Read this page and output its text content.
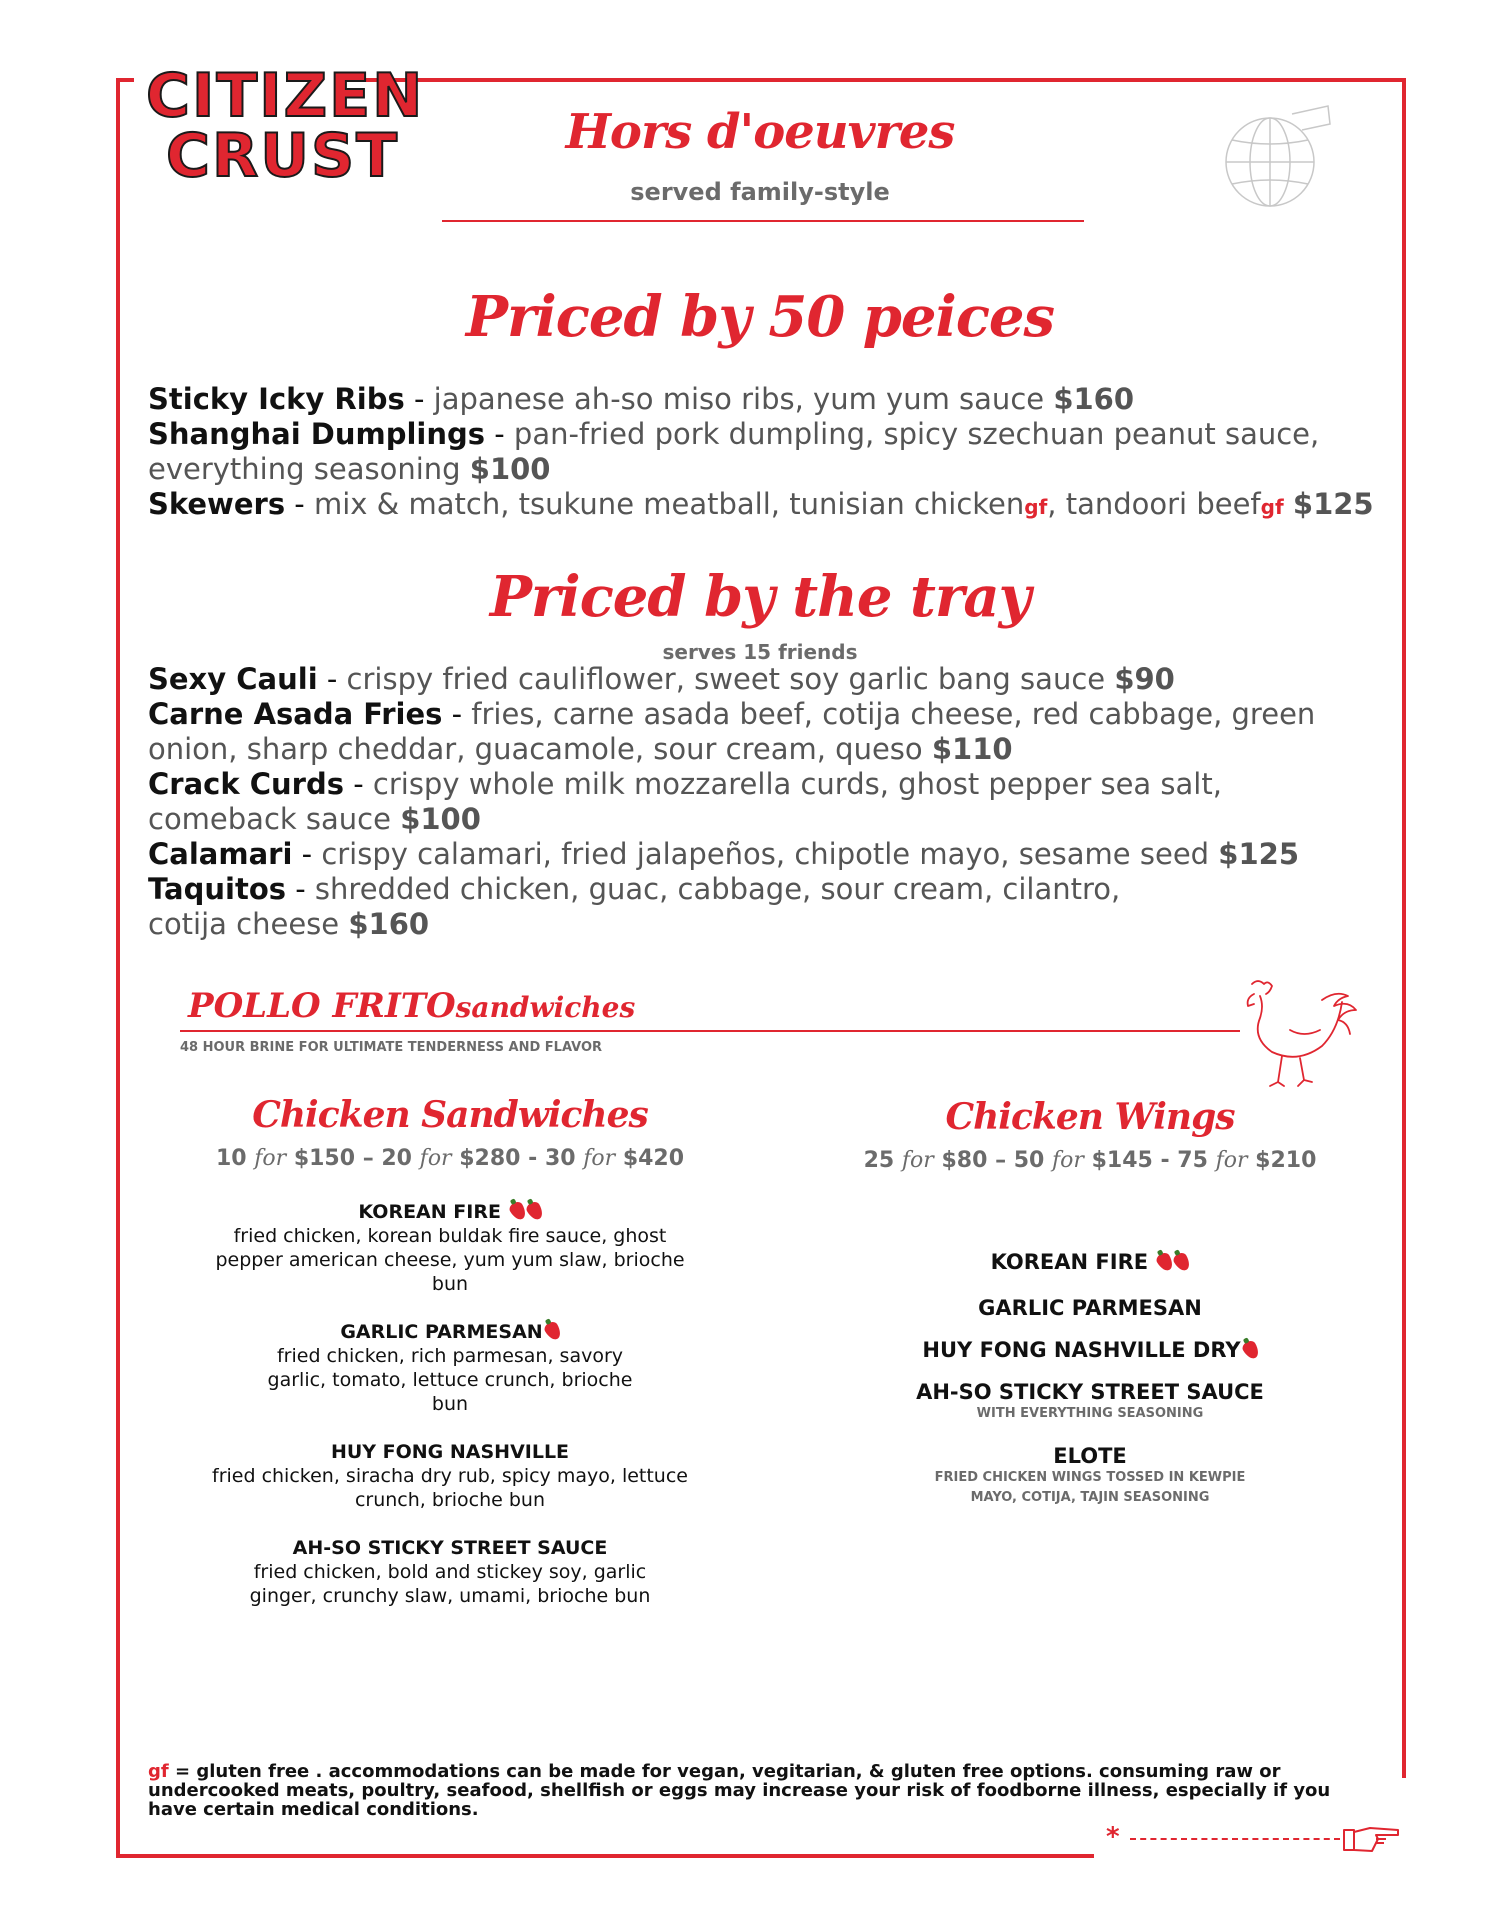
CITIZEN
CRUST	Hors d'oeuvres
served family-style
Priced by 50 peices

Sticky Icky Ribs - japanese ah-so miso ribs, yum yum sauce $160

Shanghai Dumplings - pan-fried pork dumpling, spicy szechuan peanut sauce, everything seasoning $100

Skewers - mix & match, tsukune meatball, tunisian chickengf, tandoori beefgf $125

Priced by the tray
serves 15 friends

Sexy Cauli - crispy fried cauliflower, sweet soy garlic bang sauce $90

Carne Asada Fries - fries, carne asada beef, cotija cheese, red cabbage, green onion, sharp cheddar, guacamole, sour cream, queso $110

Crack Curds - crispy whole milk mozzarella curds, ghost pepper sea salt, comeback sauce $100

Calamari - crispy calamari, fried jalapeños, chipotle mayo, sesame seed $125

Taquitos - shredded chicken, guac, cabbage, sour cream, cilantro, cotija cheese $160

POLLO FRITOsandwiches
48 HOUR BRINE FOR ULTIMATE TENDERNESS AND FLAVOR
Chicken Sandwiches
10 for $150 – 20 for $280 - 30 for $420
KOREAN FIRE
fried chicken, korean buldak fire sauce, ghost pepper american cheese, yum yum slaw, brioche bun
GARLIC PARMESAN
fried chicken, rich parmesan, savory garlic, tomato, lettuce crunch, brioche bun
HUY FONG NASHVILLE
fried chicken, siracha dry rub, spicy mayo, lettuce crunch, brioche bun
AH-SO STICKY STREET SAUCE
fried chicken, bold and stickey soy, garlic ginger, crunchy slaw, umami, brioche bun
Chicken Wings
25 for $80 – 50 for $145 - 75 for $210
KOREAN FIRE
GARLIC PARMESAN
HUY FONG NASHVILLE DRY
AH-SO STICKY STREET SAUCE
WITH EVERYTHING SEASONING
ELOTE
FRIED CHICKEN WINGS TOSSED IN KEWPIE MAYO, COTIJA, TAJIN SEASONING
gf = gluten free . accommodations can be made for vegan, vegitarian, & gluten free options. consuming raw or undercooked meats, poultry, seafood, shellfish or eggs may increase your risk of foodborne illness, especially if you have certain medical conditions.
*
